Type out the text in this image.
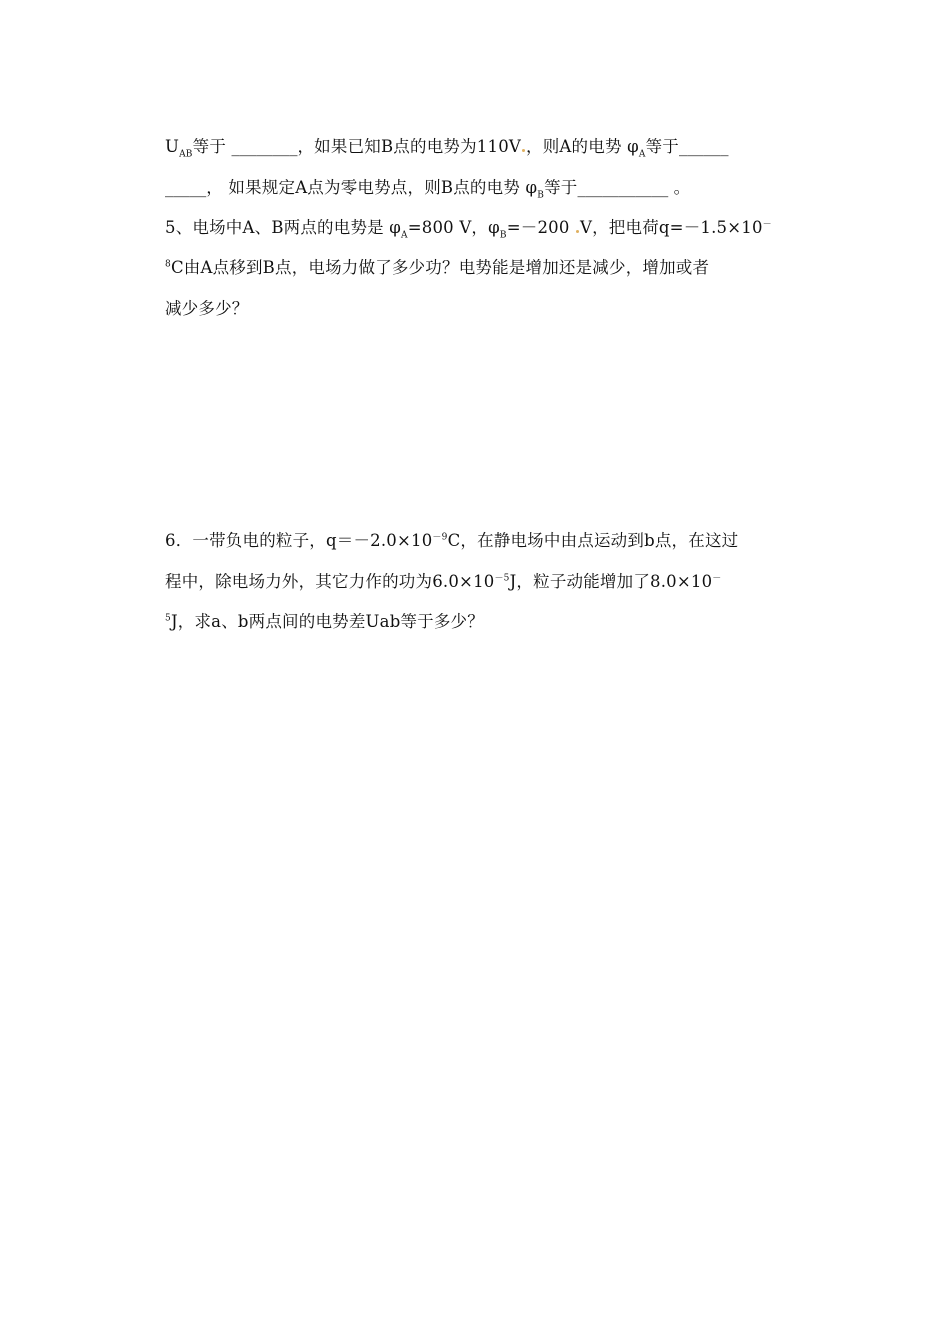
$U_{AB}$等于 ________，如果已知B点的电势为110V ，则A的电势 $\varphi_A$等于______
_____， 如果规定A点为零电势点，则B点的电势 $\varphi_B$等于___________ 。
5、电场中A、B两点的电势是 $\varphi_A=800$ V，$\varphi_B=-200$ V，把电荷q=－1.5×10－
$^8$C由A点移到B点，电场力做了多少功？电势能是增加还是减少，增加或者
减少多少？
6．一带负电的粒子，$q=-2.0\times 10^{-9}C$，在静电场中由点运动到b点，在这过
程中，除电场力外，其它力作的功为$6.0\times 10^{-5}J$，粒子动能增加了8.0×10－
$^5$J，求a、b两点间的电势差Uab等于多少？
